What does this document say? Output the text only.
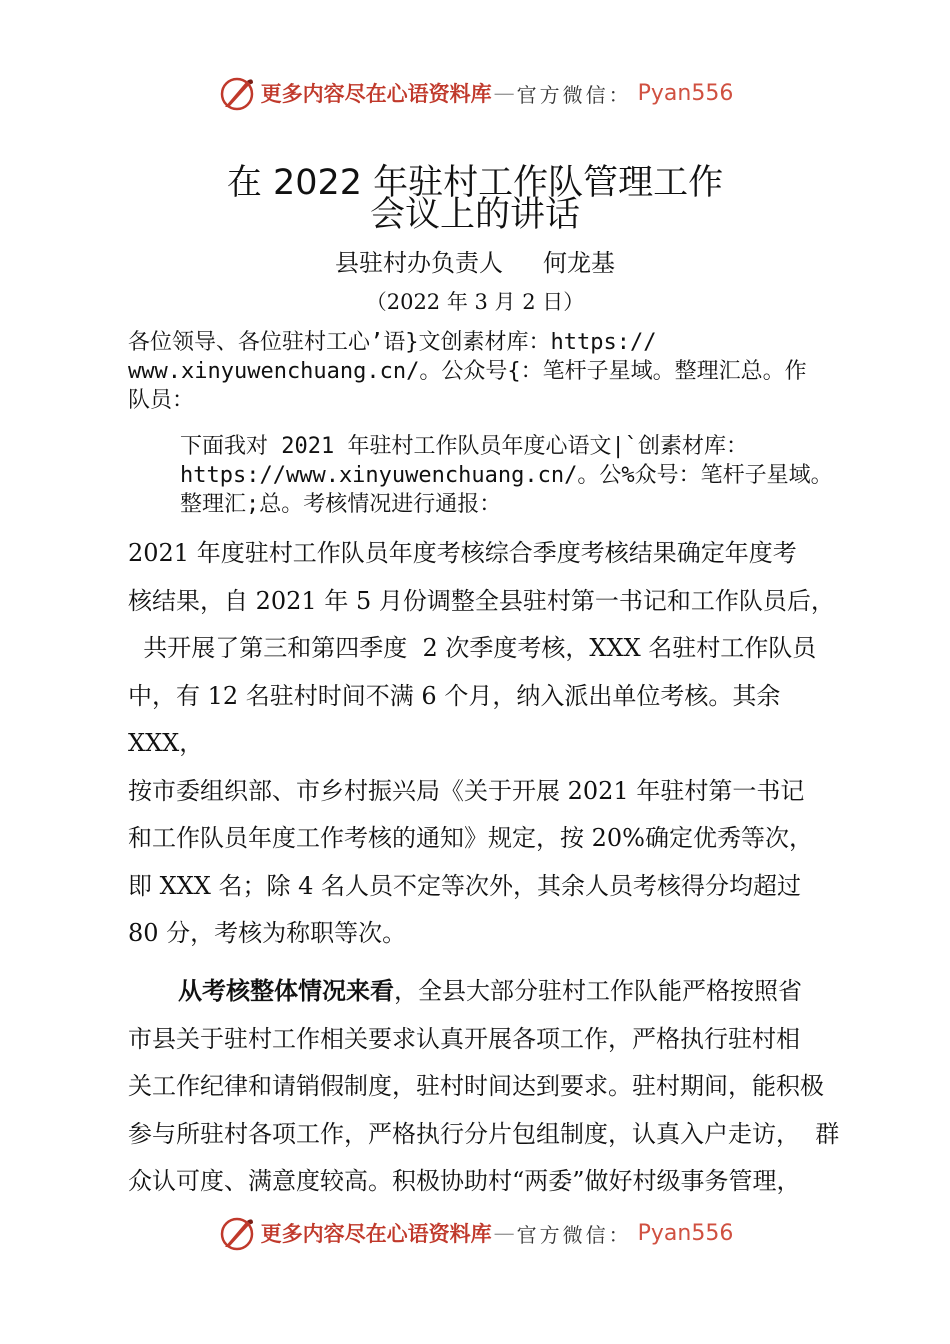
更多内容尽在心语资料库 — 官方微信： Pyan556
在 2022 年驻村工作队管理工作
会议上的讲话
县驻村办负责人 何龙基
（2022 年 3 月 2 日）
各位领导、各位驻村工心’语}文创素材库：https://
www.xinyuwenchuang.cn/。公众号{：笔杆子星域。整理汇总。作
队员：
下面我对 2021 年驻村工作队员年度心语文|`创素材库：
https://www.xinyuwenchuang.cn/。公%众号：笔杆子星域。
整理汇;总。考核情况进行通报：
2021 年度驻村工作队员年度考核综合季度考核结果确定年度考
核结果，自 2021 年 5 月份调整全县驻村第一书记和工作队员后，
共开展了第三和第四季度  2 次季度考核，XXX 名驻村工作队员
中，有 12 名驻村时间不满 6 个月，纳入派出单位考核。其余
XXX，
按市委组织部、市乡村振兴局《关于开展 2021 年驻村第一书记
和工作队员年度工作考核的通知》规定，按 20%确定优秀等次，
即 XXX 名；除 4 名人员不定等次外，其余人员考核得分均超过
80 分，考核为称职等次。
从考核整体情况来看，全县大部分驻村工作队能严格按照省
市县关于驻村工作相关要求认真开展各项工作，严格执行驻村相
关工作纪律和请销假制度，驻村时间达到要求。驻村期间，能积极
参与所驻村各项工作，严格执行分片包组制度，认真入户走访，  群
众认可度、满意度较高。积极协助村“两委”做好村级事务管理，
更多内容尽在心语资料库 — 官方微信： Pyan556
